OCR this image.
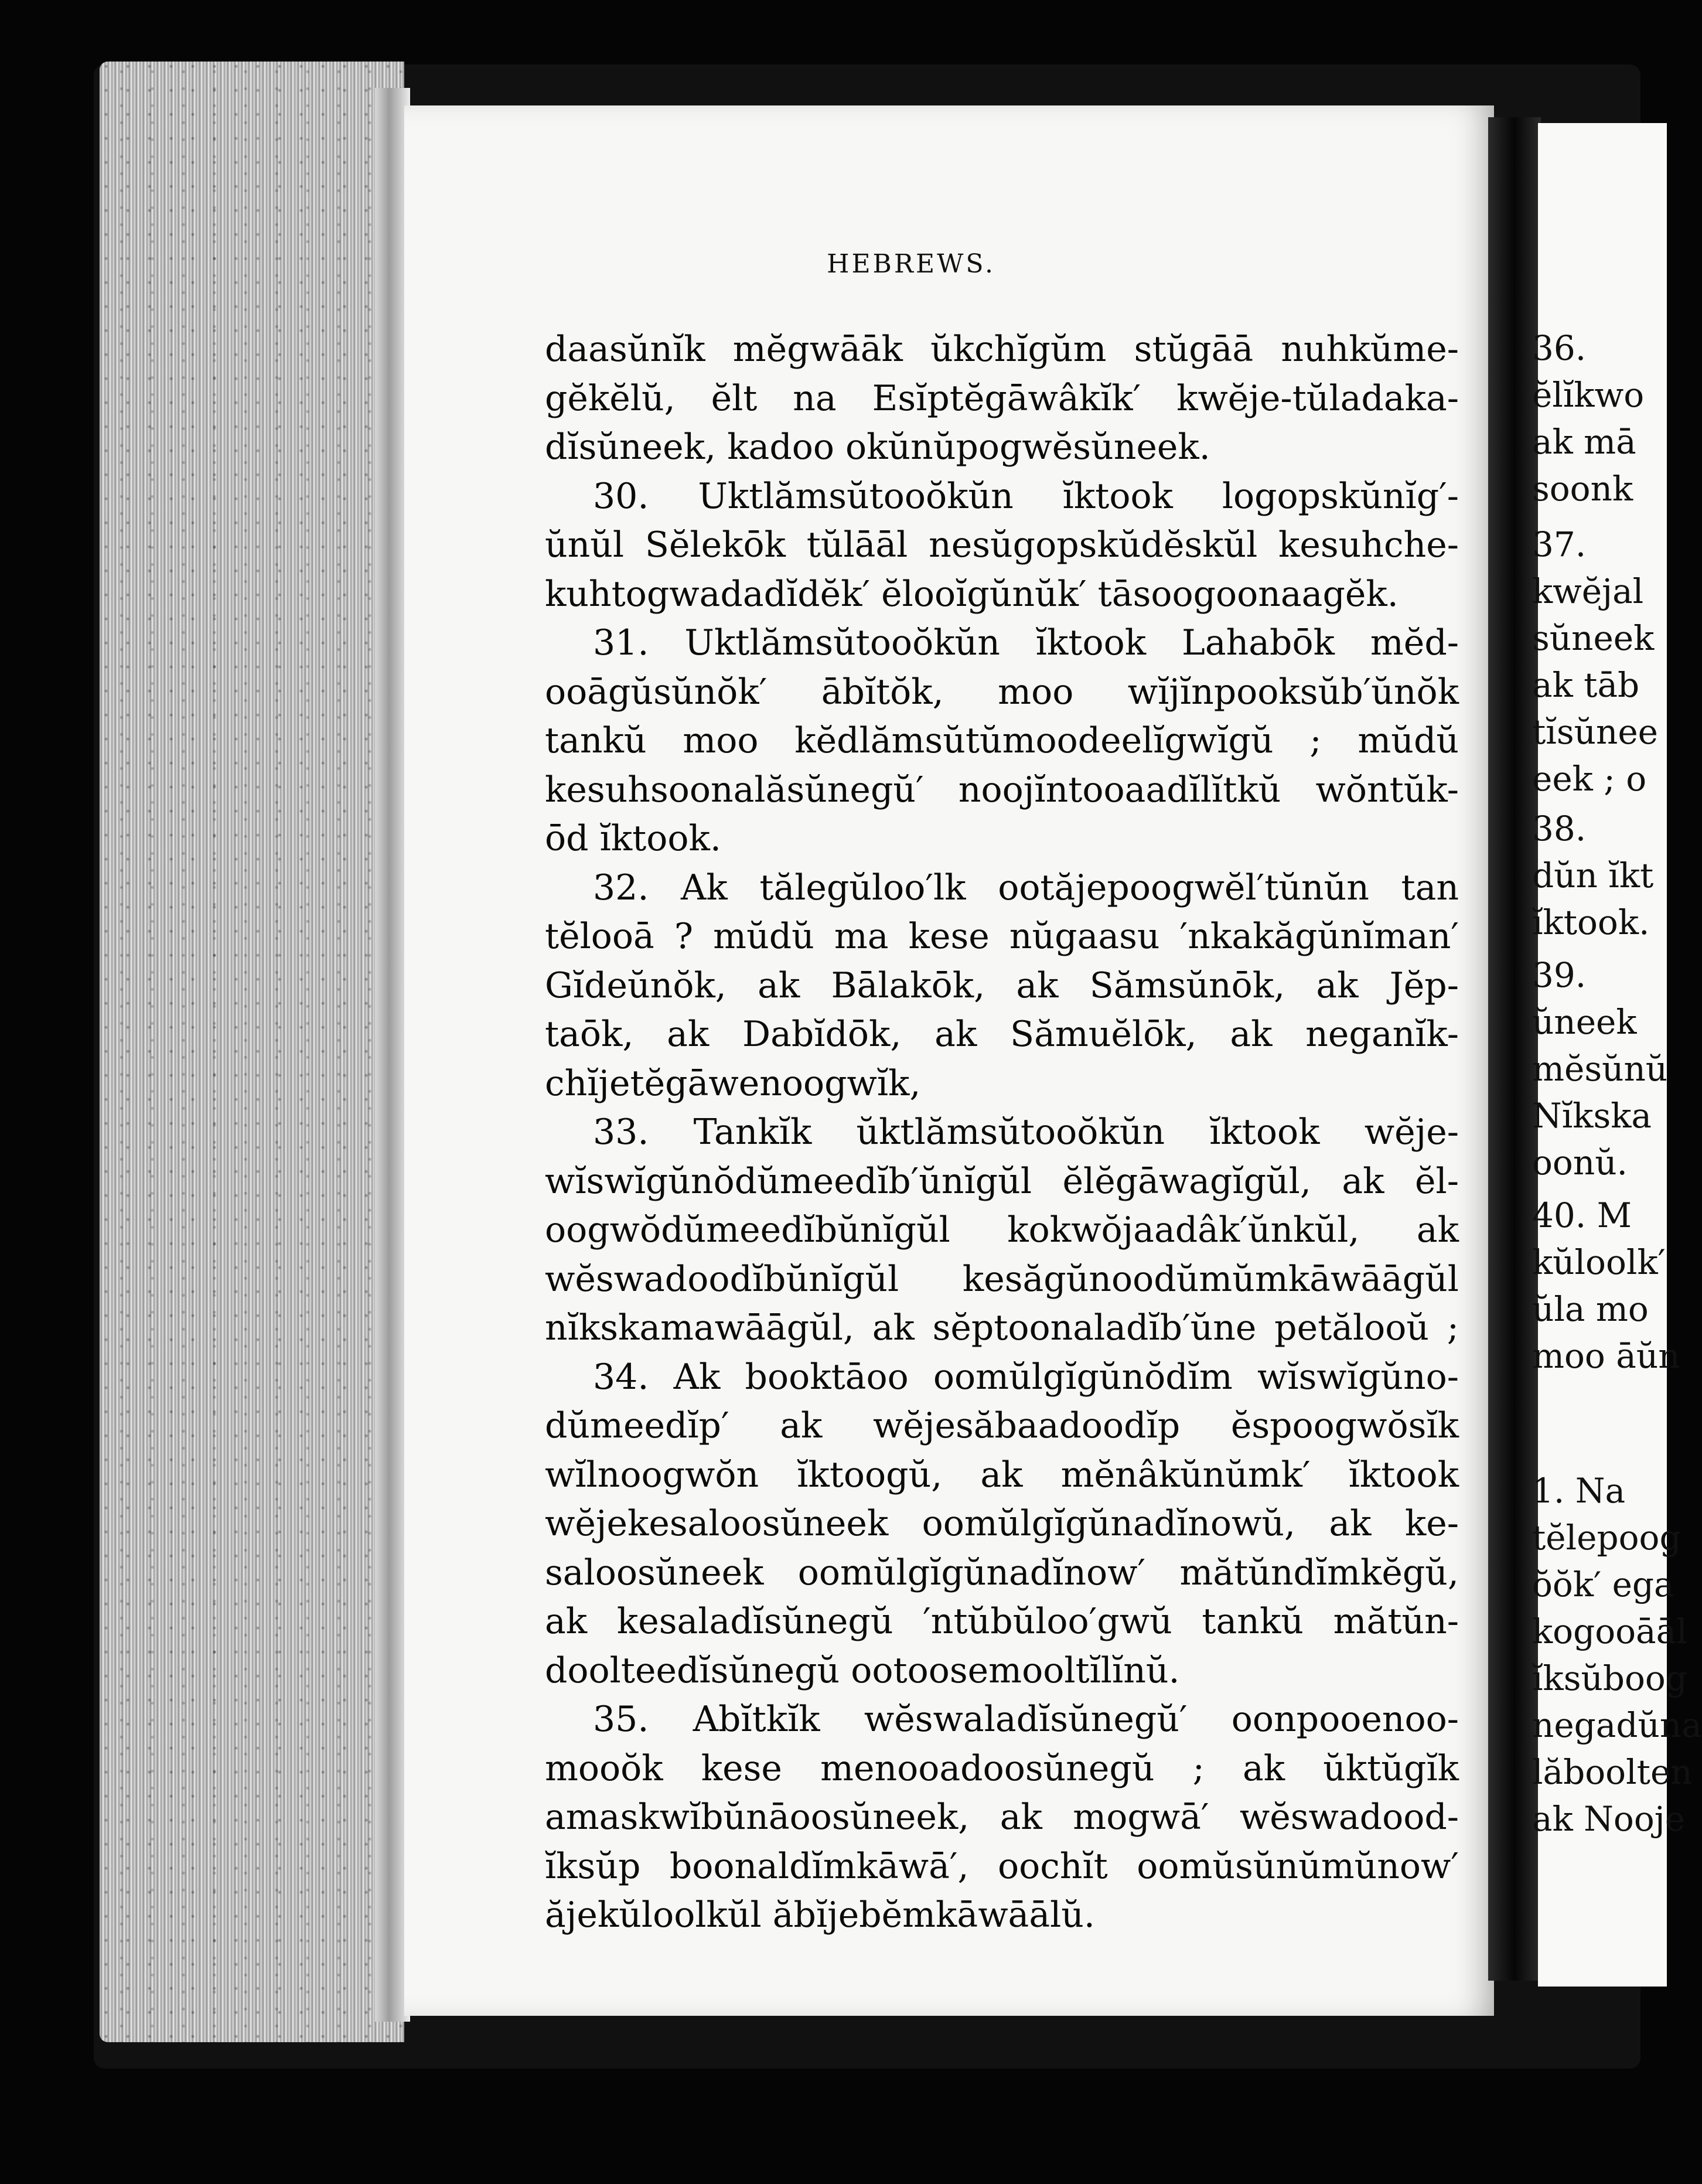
HEBREWS.
daasŭnĭk mĕgwāāk ŭkchĭgŭm stŭgāā nuhkŭme-
gĕkĕlŭ, ĕlt na Esĭptĕgāwâkĭk′ kwĕje-tŭladaka-
dĭsŭneek, kadoo okŭnŭpogwĕsŭneek.
30. Uktlămsŭtooŏkŭn ĭktook logopskŭnĭg′-
ŭnŭl Sĕlekōk tŭlāāl nesŭgopskŭdĕskŭl kesuhche-
kuhtogwadadĭdĕk′ ĕlooĭgŭnŭk′ tāsoogoonaagĕk.
31. Uktlămsŭtooŏkŭn ĭktook Lahabōk mĕd-
ooāgŭsŭnŏk′ ābĭtŏk, moo wĭjĭnpooksŭb′ŭnŏk
tankŭ moo kĕdlămsŭtŭmoodeelĭgwĭgŭ ; mŭdŭ
kesuhsoonalăsŭnegŭ′ noojĭntooaadĭlĭtkŭ wŏntŭk-
ōd ĭktook.
32. Ak tălegŭloo′lk ootăjepoogwĕl′tŭnŭn tan
tĕlooā ? mŭdŭ ma kese nŭgaasu ′nkakăgŭnĭman′
Gĭdeŭnŏk, ak Bālakōk, ak Sămsŭnōk, ak Jĕp-
taōk, ak Dabĭdōk, ak Sămuĕlōk, ak neganĭk-
chĭjetĕgāwenoogwĭk,
33. Tankĭk ŭktlămsŭtooŏkŭn ĭktook wĕje-
wĭswĭgŭnŏdŭmeedĭb′ŭnĭgŭl ĕlĕgāwagĭgŭl, ak ĕl-
oogwŏdŭmeedĭbŭnĭgŭl kokwŏjaadâk′ŭnkŭl, ak
wĕswadoodĭbŭnĭgŭl kesăgŭnoodŭmŭmkāwāāgŭl
nĭkskamawāāgŭl, ak sĕptoonaladĭb′ŭne petălooŭ ;
34. Ak booktāoo oomŭlgĭgŭnŏdĭm wĭswĭgŭno-
dŭmeedĭp′ ak wĕjesăbaadoodĭp ĕspoogwŏsĭk
wĭlnoogwŏn ĭktoogŭ, ak mĕnâkŭnŭmk′ ĭktook
wĕjekesaloosŭneek oomŭlgĭgŭnadĭnowŭ, ak ke-
saloosŭneek oomŭlgĭgŭnadĭnow′ mătŭndĭmkĕgŭ,
ak kesaladĭsŭnegŭ ′ntŭbŭloo′gwŭ tankŭ mătŭn-
doolteedĭsŭnegŭ ootoosemooltĭlĭnŭ.
35. Abĭtkĭk wĕswaladĭsŭnegŭ′ oonpooenoo-
mooŏk kese menooadoosŭnegŭ ; ak ŭktŭgĭk
amaskwĭbŭnāoosŭneek, ak mogwā′ wĕswadood-
ĭksŭp boonaldĭmkāwā′, oochĭt oomŭsŭnŭmŭnow′
ăjekŭloolkŭl ăbĭjebĕmkāwāālŭ.
36.
ĕlĭkwo
ak mā
soonk
37.
kwĕjal
sŭneek
ak tāb
tĭsŭnee
eek ; o
38.
dŭn ĭkt
ĭktook.
39.
ŭneek
mĕsŭnŭ
Nĭkska
oonŭ.
40. M
kŭloolk′
ŭla mo
moo āŭn
1. Na
tĕlepoog
ŏŏk′ ega
kogooāāl
ĭksŭboog
negadŭna
lăboolten
ak Nooje
